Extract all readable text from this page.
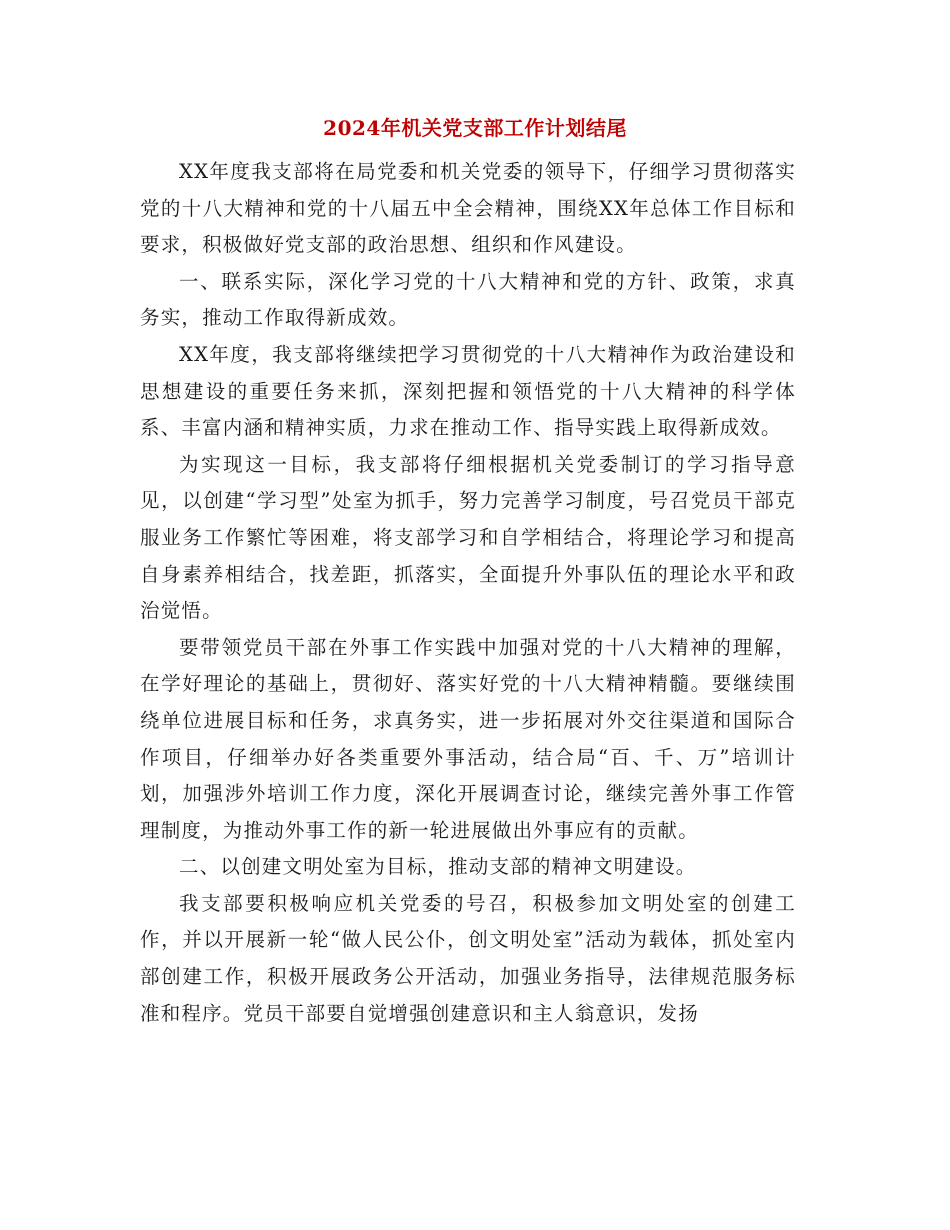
2024年机关党支部工作计划结尾

XX年度我支部将在局党委和机关党委的领导下，仔细学习贯彻落实党的十八大精神和党的十八届五中全会精神，围绕XX年总体工作目标和要求，积极做好党支部的政治思想、组织和作风建设。

一、联系实际，深化学习党的十八大精神和党的方针、政策，求真务实，推动工作取得新成效。

XX年度，我支部将继续把学习贯彻党的十八大精神作为政治建设和思想建设的重要任务来抓，深刻把握和领悟党的十八大精神的科学体系、丰富内涵和精神实质，力求在推动工作、指导实践上取得新成效。

为实现这一目标，我支部将仔细根据机关党委制订的学习指导意见，以创建“学习型”处室为抓手，努力完善学习制度，号召党员干部克服业务工作繁忙等困难，将支部学习和自学相结合，将理论学习和提高自身素养相结合，找差距，抓落实，全面提升外事队伍的理论水平和政治觉悟。

要带领党员干部在外事工作实践中加强对党的十八大精神的理解，在学好理论的基础上，贯彻好、落实好党的十八大精神精髓。要继续围绕单位进展目标和任务，求真务实，进一步拓展对外交往渠道和国际合作项目，仔细举办好各类重要外事活动，结合局“百、千、万”培训计划，加强涉外培训工作力度，深化开展调查讨论，继续完善外事工作管理制度，为推动外事工作的新一轮进展做出外事应有的贡献。

二、以创建文明处室为目标，推动支部的精神文明建设。

我支部要积极响应机关党委的号召，积极参加文明处室的创建工作，并以开展新一轮“做人民公仆，创文明处室”活动为载体，抓处室内部创建工作，积极开展政务公开活动，加强业务指导，法律规范服务标准和程序。党员干部要自觉增强创建意识和主人翁意识，发扬
